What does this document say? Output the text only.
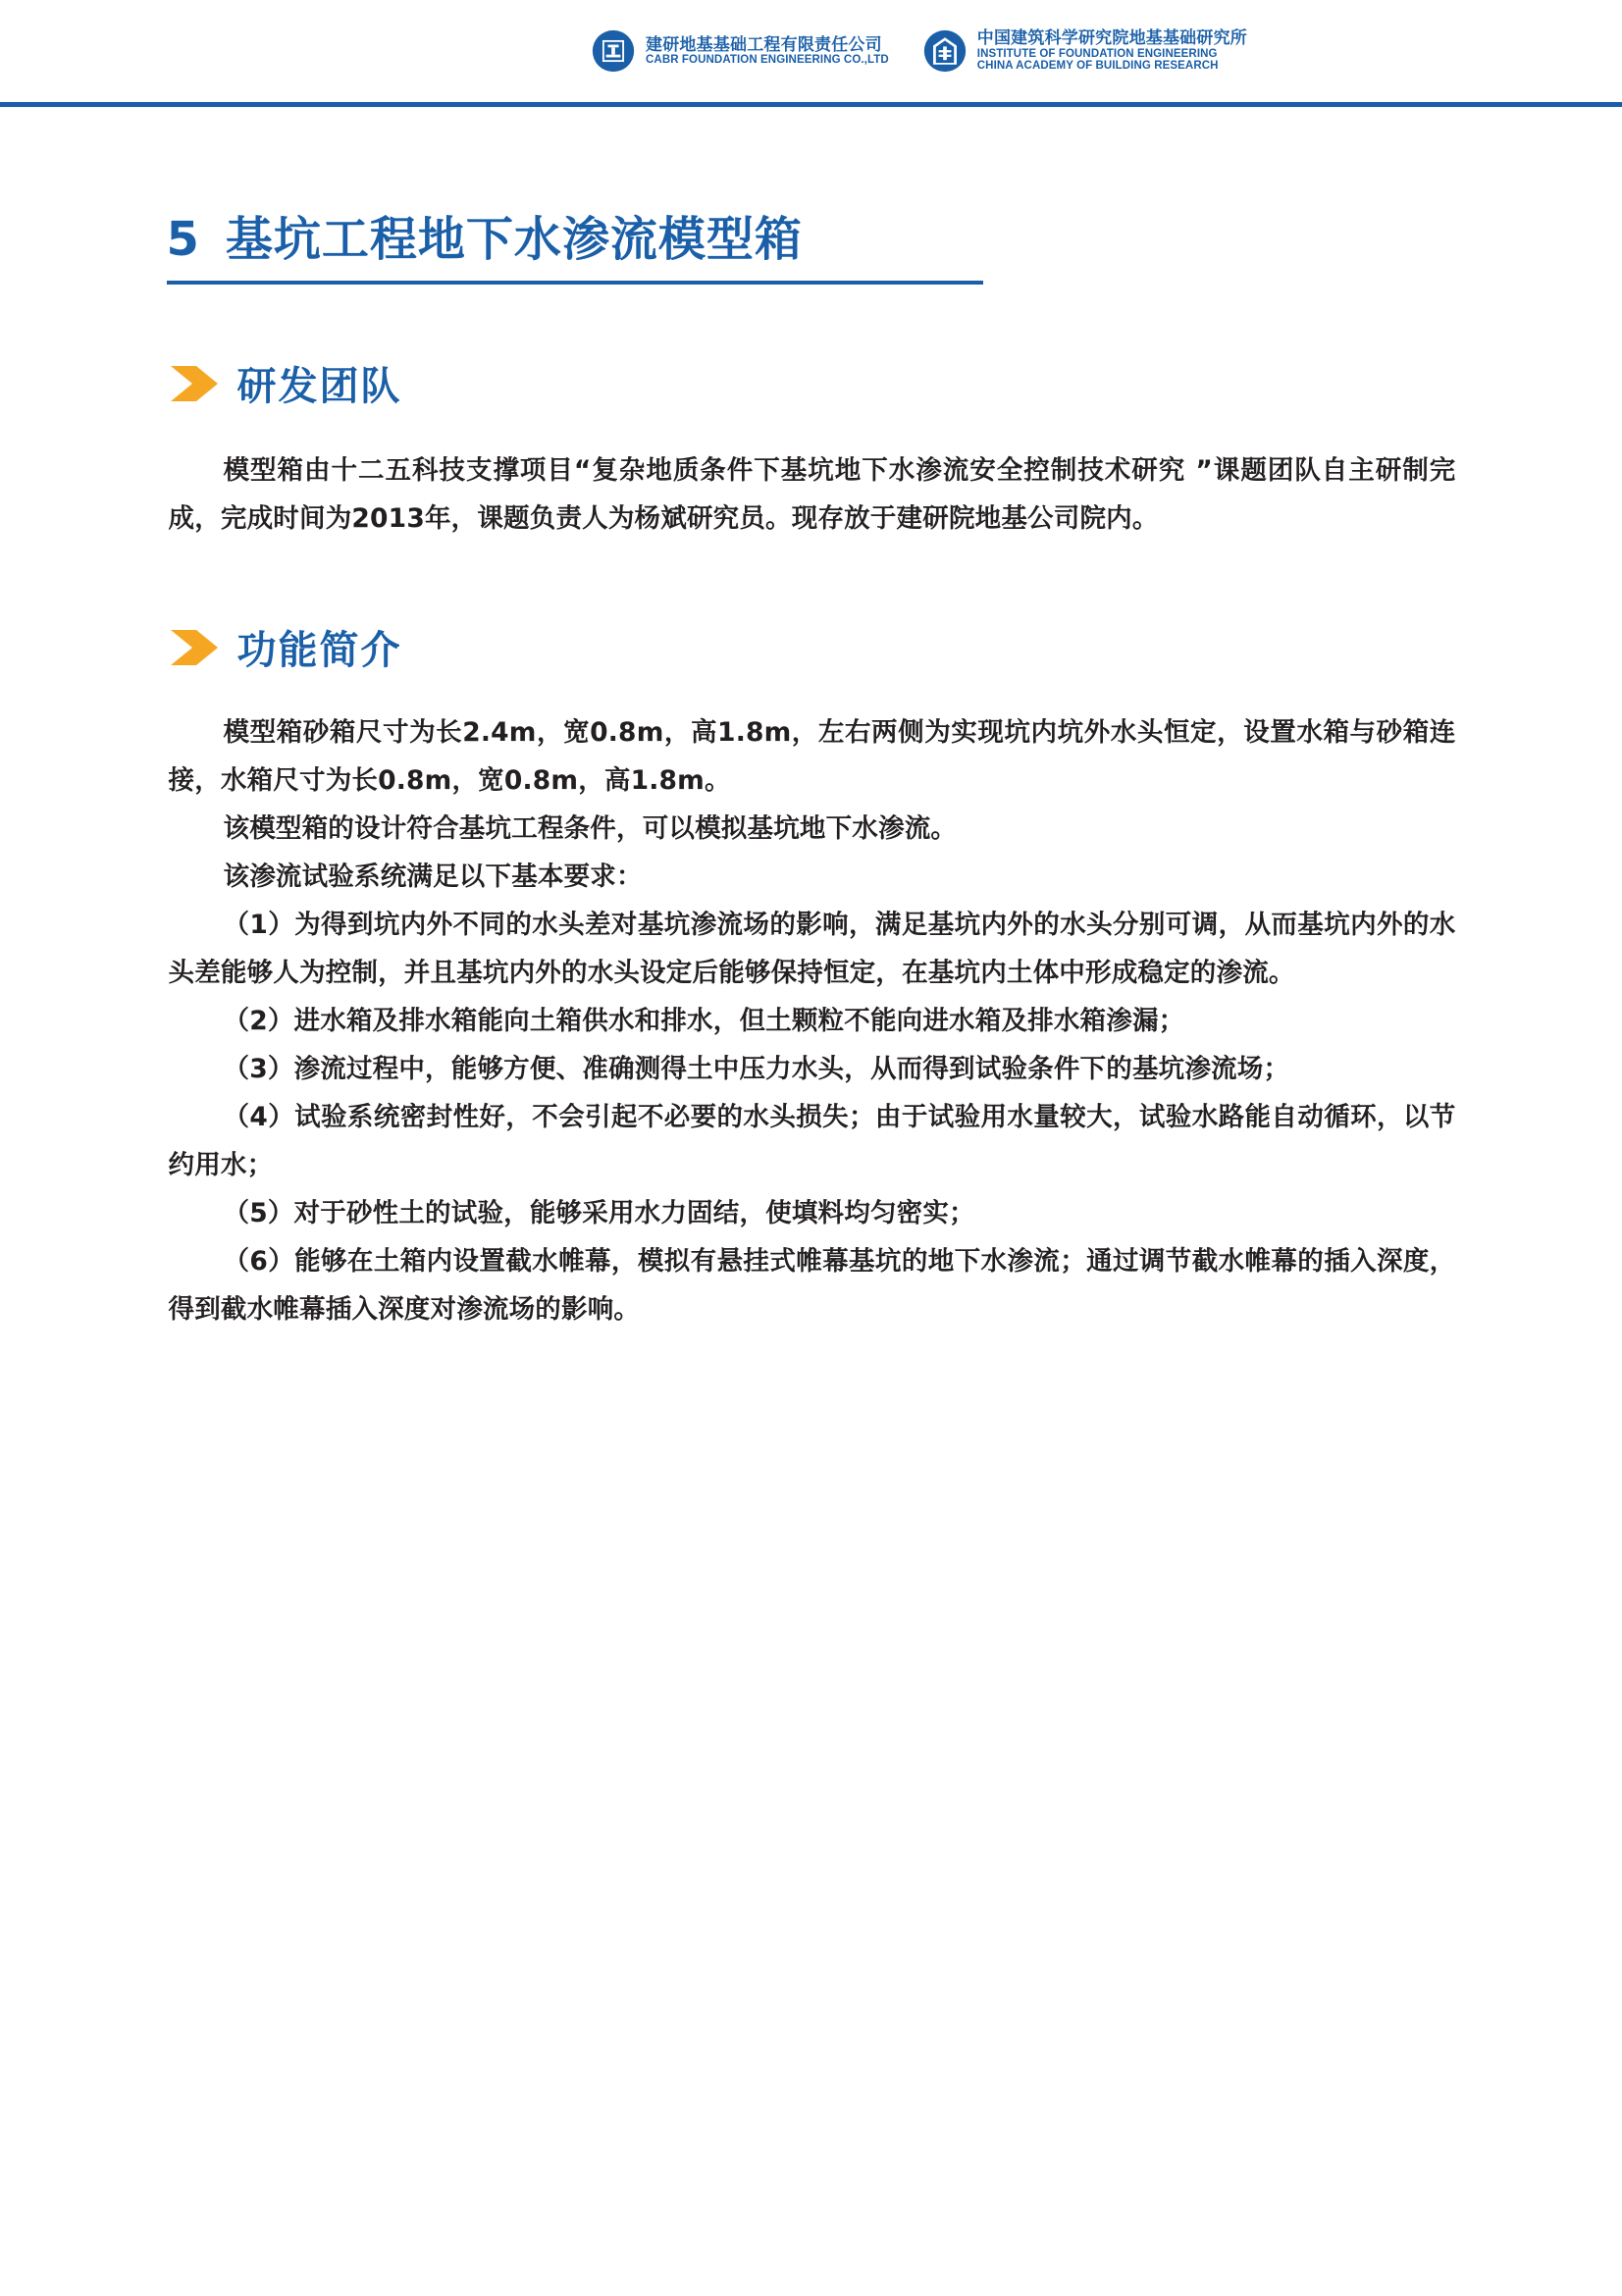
建研地基基础工程有限责任公司
CABR FOUNDATION ENGINEERING CO.,LTD
中国建筑科学研究院地基基础研究所
INSTITUTE OF FOUNDATION ENGINEERING
CHINA ACADEMY OF BUILDING RESEARCH
5 基坑工程地下水渗流模型箱
研发团队

模型箱由十二五科技支撑项目“复杂地质条件下基坑地下水渗流安全控制技术研究 ”课题团队自主研制完成，完成时间为2013年，课题负责人为杨斌研究员。现存放于建研院地基公司院内。

功能简介

模型箱砂箱尺寸为长2.4m，宽0.8m，高1.8m，左右两侧为实现坑内坑外水头恒定，设置水箱与砂箱连接，水箱尺寸为长0.8m，宽0.8m，高1.8m。

该模型箱的设计符合基坑工程条件，可以模拟基坑地下水渗流。

该渗流试验系统满足以下基本要求：

（1）为得到坑内外不同的水头差对基坑渗流场的影响，满足基坑内外的水头分别可调，从而基坑内外的水头差能够人为控制，并且基坑内外的水头设定后能够保持恒定，在基坑内土体中形成稳定的渗流。

（2）进水箱及排水箱能向土箱供水和排水，但土颗粒不能向进水箱及排水箱渗漏；

（3）渗流过程中，能够方便、准确测得土中压力水头，从而得到试验条件下的基坑渗流场；

（4）试验系统密封性好，不会引起不必要的水头损失；由于试验用水量较大，试验水路能自动循环，以节约用水；

（5）对于砂性土的试验，能够采用水力固结，使填料均匀密实；

（6）能够在土箱内设置截水帷幕，模拟有悬挂式帷幕基坑的地下水渗流；通过调节截水帷幕的插入深度，得到截水帷幕插入深度对渗流场的影响。
